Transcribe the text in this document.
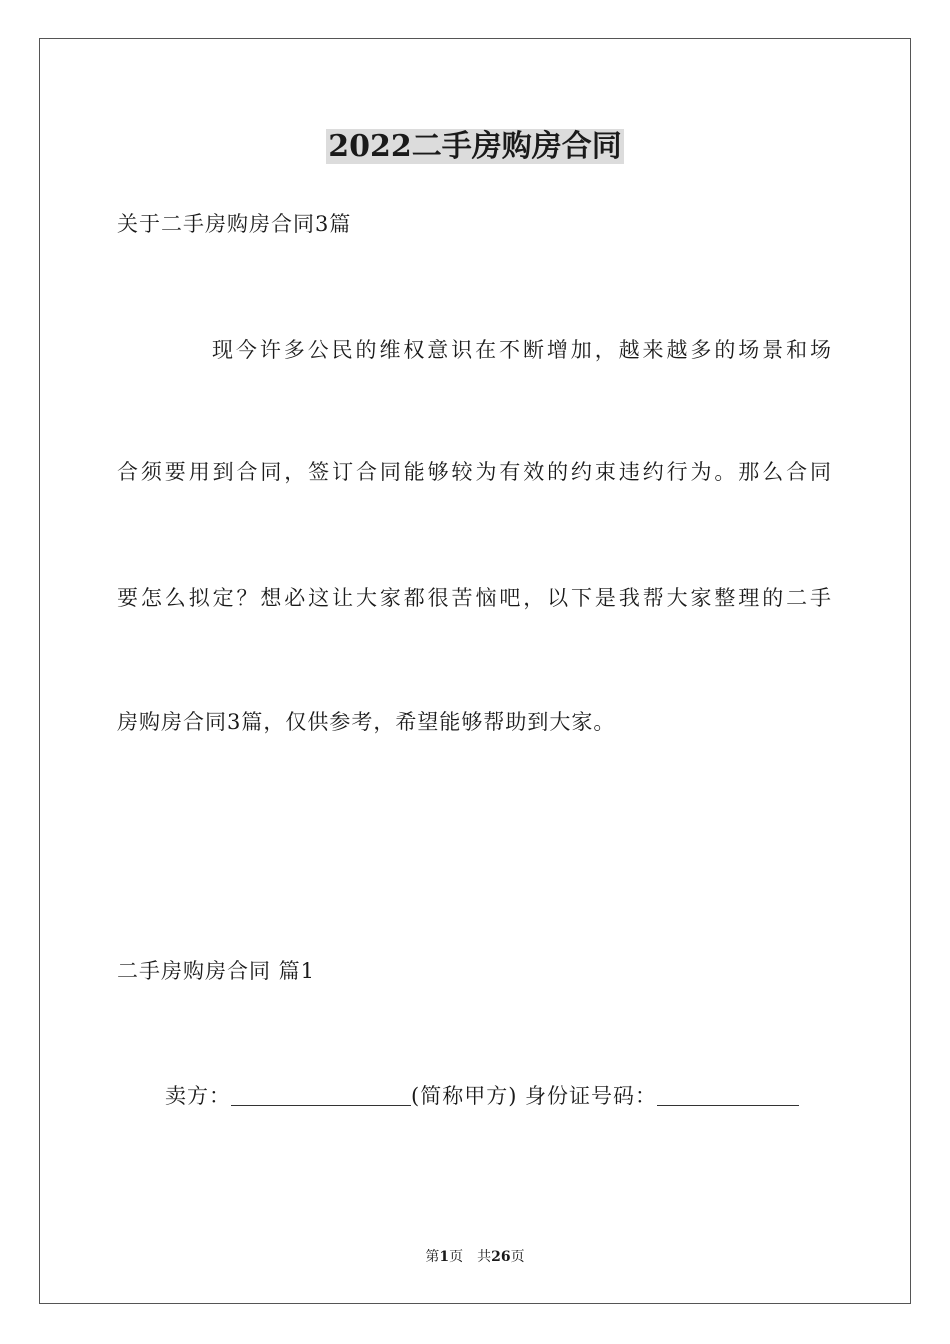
2022二手房购房合同
关于二手房购房合同3篇
现今许多公民的维权意识在不断增加，越来越多的场景和场
合须要用到合同，签订合同能够较为有效的约束违约行为。那么合同
要怎么拟定？想必这让大家都很苦恼吧，以下是我帮大家整理的二手
房购房合同3篇，仅供参考，希望能够帮助到大家。
二手房购房合同 篇1
卖方：	(简称甲方) 身份证号码：
第1页　共26页
